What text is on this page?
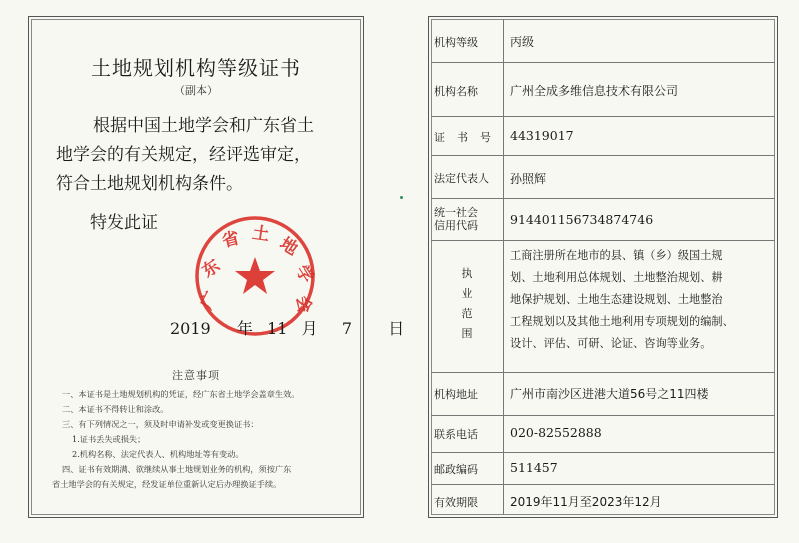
土地规划机构等级证书
（副本）
根据中国土地学会和广东省土
地学会的有关规定，经评选审定，
符合土地规划机构条件。
特发此证
广
东
省 土 地
学
会
2019 年 11 月 7 日
注意事项
一、本证书是土地规划机构的凭证，经广东省土地学会盖章生效。
二、本证书不得转让和涂改。
三、有下列情况之一，须及时申请补发或变更换证书：
1.证书丢失或损失；
2.机构名称、法定代表人、机构地址等有变动。
四、证书有效期满、欲继续从事土地规划业务的机构，须按广东
省土地学会的有关规定，经发证单位重新认定后办理换证手续。
机构等级	丙级
机构名称	广州全成多维信息技术有限公司
证书号 44319017
法定代表人	孙照辉
统一社会
信用代码	914401156734874746
执
业
范
围
工商注册所在地市的县、镇（乡）级国土规
划、土地利用总体规划、土地整治规划、耕
地保护规划、土地生态建设规划、土地整治
工程规划以及其他土地利用专项规划的编制、
设计、评估、可研、论证、咨询等业务。
机构地址	广州市南沙区进港大道56号之11四楼
联系电话	020-82552888
邮政编码	511457
有效期限	2019年11月至2023年12月
